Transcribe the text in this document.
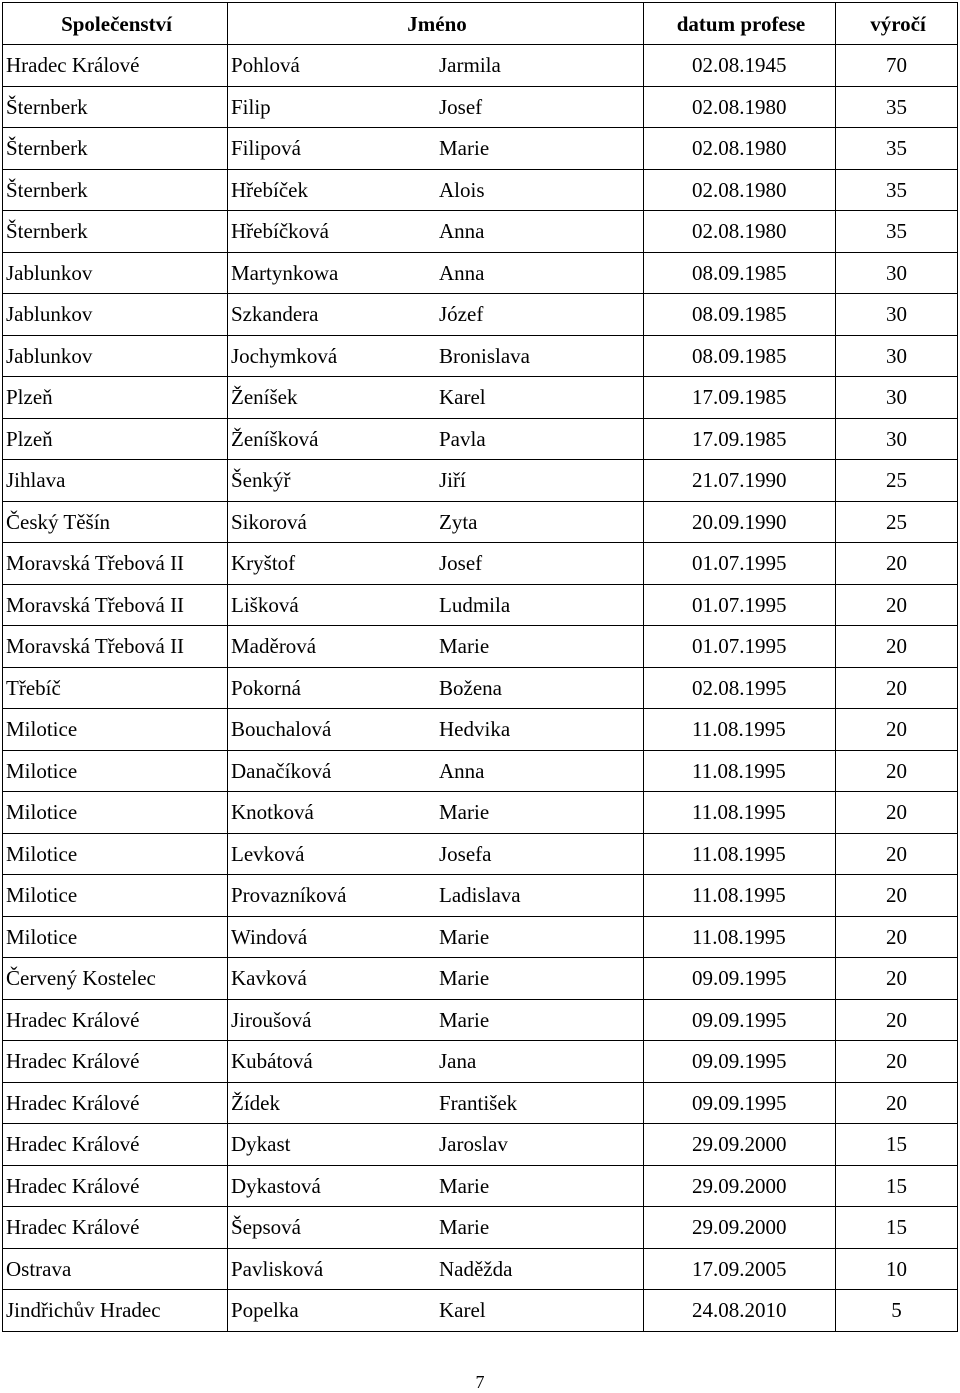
Společenství	Jméno	datum profese	výročí
Hradec Králové	Pohlová Jarmila	02.08.1945	70
Šternberk	Filip Josef	02.08.1980	35
Šternberk	Filipová Marie	02.08.1980	35
Šternberk	Hřebíček Alois	02.08.1980	35
Šternberk	Hřebíčková Anna	02.08.1980	35
Jablunkov	Martynkowa Anna	08.09.1985	30
Jablunkov	Szkandera Józef	08.09.1985	30
Jablunkov	Jochymková Bronislava	08.09.1985	30
Plzeň	Ženíšek Karel	17.09.1985	30
Plzeň	Ženíšková Pavla	17.09.1985	30
Jihlava	Šenkýř Jiří	21.07.1990	25
Český Těšín	Sikorová Zyta	20.09.1990	25
Moravská Třebová II	Kryštof Josef	01.07.1995	20
Moravská Třebová II	Lišková Ludmila	01.07.1995	20
Moravská Třebová II	Maděrová Marie	01.07.1995	20
Třebíč	Pokorná Božena	02.08.1995	20
Milotice	Bouchalová Hedvika	11.08.1995	20
Milotice	Danačíková Anna	11.08.1995	20
Milotice	Knotková Marie	11.08.1995	20
Milotice	Levková Josefa	11.08.1995	20
Milotice	Provazníková Ladislava	11.08.1995	20
Milotice	Windová Marie	11.08.1995	20
Červený Kostelec	Kavková Marie	09.09.1995	20
Hradec Králové	Jiroušová Marie	09.09.1995	20
Hradec Králové	Kubátová Jana	09.09.1995	20
Hradec Králové	Žídek František	09.09.1995	20
Hradec Králové	Dykast Jaroslav	29.09.2000	15
Hradec Králové	Dykastová Marie	29.09.2000	15
Hradec Králové	Šepsová Marie	29.09.2000	15
Ostrava	Pavlisková Naděžda	17.09.2005	10
Jindřichův Hradec	Popelka Karel	24.08.2010	5
7
